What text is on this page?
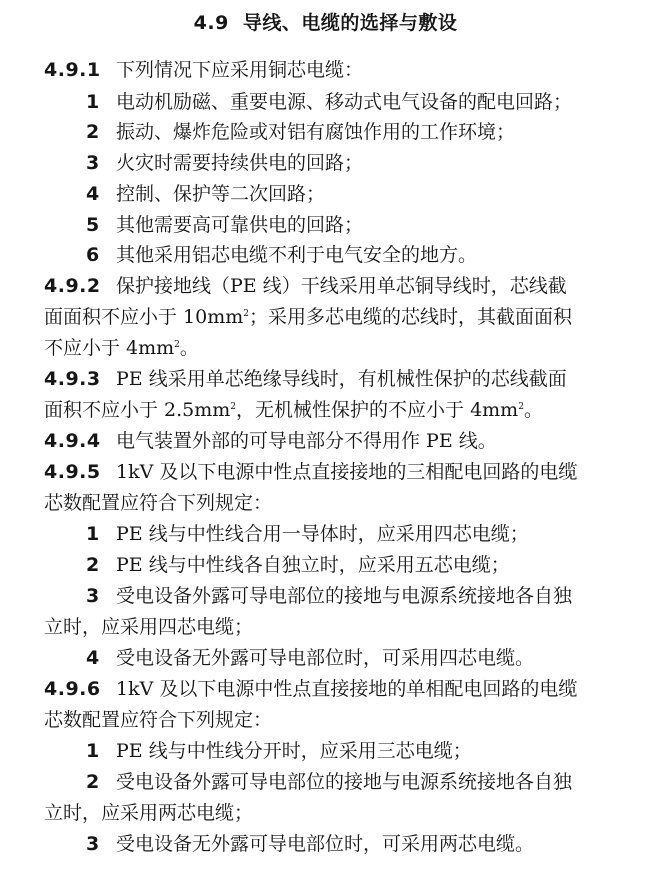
4.9 导线、电缆的选择与敷设
4.9.1 下列情况下应采用铜芯电缆：
1 电动机励磁、重要电源、移动式电气设备的配电回路；
2 振动、爆炸危险或对铝有腐蚀作用的工作环境；
3 火灾时需要持续供电的回路；
4 控制、保护等二次回路；
5 其他需要高可靠供电的回路；
6 其他采用铝芯电缆不利于电气安全的地方。
4.9.2 保护接地线（PE 线）干线采用单芯铜导线时，芯线截
面面积不应小于 $10mm^2$；采用多芯电缆的芯线时，其截面面积
不应小于 $4mm^2$。
4.9.3 PE 线采用单芯绝缘导线时，有机械性保护的芯线截面
面积不应小于 $2.5mm^2$，无机械性保护的不应小于 $4mm^2$。
4.9.4 电气装置外部的可导电部分不得用作 PE 线。
4.9.5 1kV 及以下电源中性点直接接地的三相配电回路的电缆
芯数配置应符合下列规定：
1 PE 线与中性线合用一导体时，应采用四芯电缆；
2 PE 线与中性线各自独立时，应采用五芯电缆；
3 受电设备外露可导电部位的接地与电源系统接地各自独
立时，应采用四芯电缆；
4 受电设备无外露可导电部位时，可采用四芯电缆。
4.9.6 1kV 及以下电源中性点直接接地的单相配电回路的电缆
芯数配置应符合下列规定：
1 PE 线与中性线分开时，应采用三芯电缆；
2 受电设备外露可导电部位的接地与电源系统接地各自独
立时，应采用两芯电缆；
3 受电设备无外露可导电部位时，可采用两芯电缆。
